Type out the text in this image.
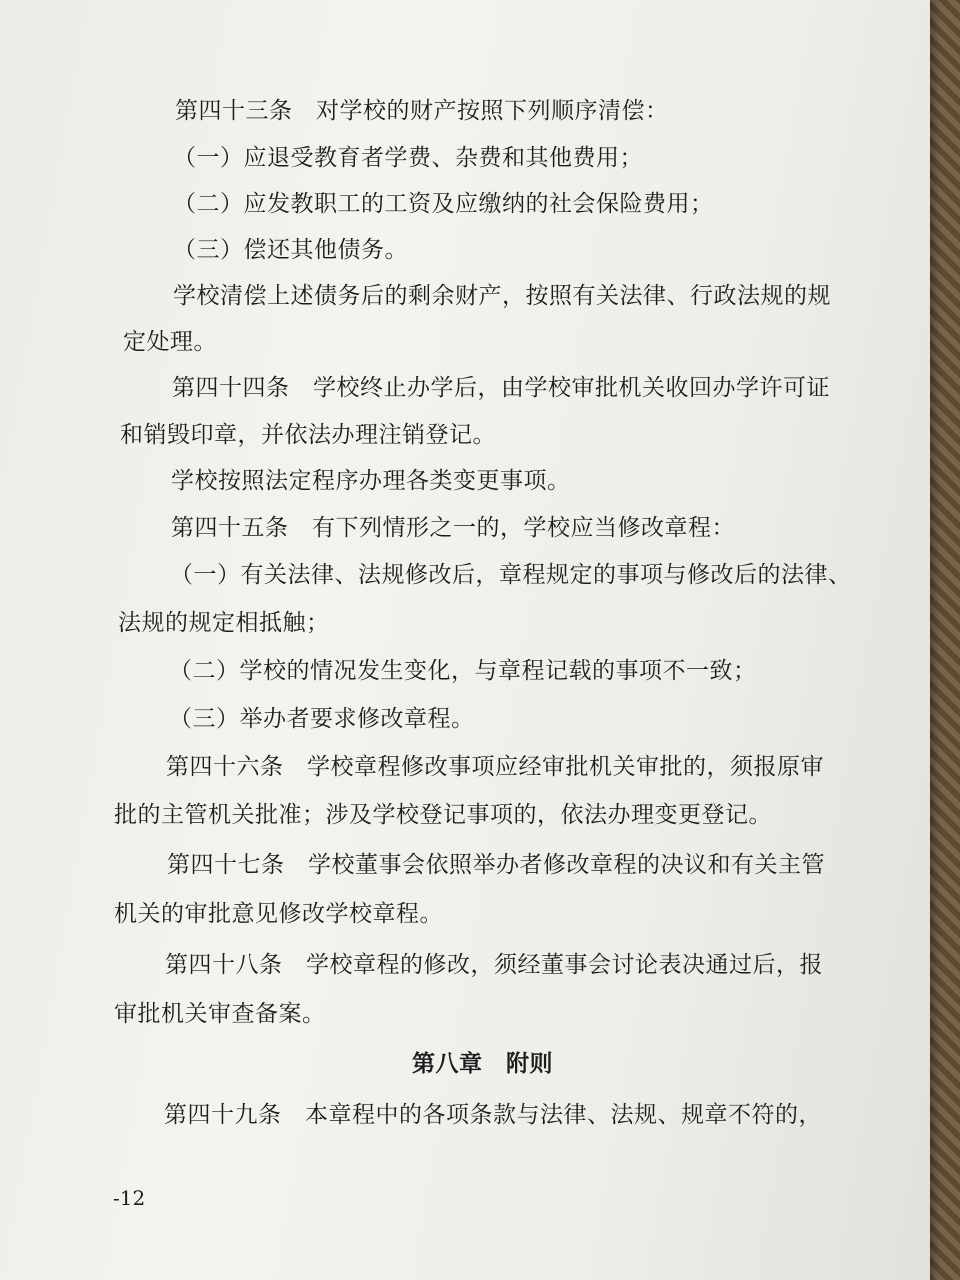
第四十三条　对学校的财产按照下列顺序清偿：

（一）应退受教育者学费、杂费和其他费用；

（二）应发教职工的工资及应缴纳的社会保险费用；

（三）偿还其他债务。

学校清偿上述债务后的剩余财产，按照有关法律、行政法规的规

定处理。

第四十四条　学校终止办学后，由学校审批机关收回办学许可证

和销毁印章，并依法办理注销登记。

学校按照法定程序办理各类变更事项。

第四十五条　有下列情形之一的，学校应当修改章程：

（一）有关法律、法规修改后，章程规定的事项与修改后的法律、

法规的规定相抵触；

（二）学校的情况发生变化，与章程记载的事项不一致；

（三）举办者要求修改章程。

第四十六条　学校章程修改事项应经审批机关审批的，须报原审

批的主管机关批准；涉及学校登记事项的，依法办理变更登记。

第四十七条　学校董事会依照举办者修改章程的决议和有关主管

机关的审批意见修改学校章程。

第四十八条　学校章程的修改，须经董事会讨论表决通过后，报

审批机关审查备案。

第八章　附则

第四十九条　本章程中的各项条款与法律、法规、规章不符的，

-12
